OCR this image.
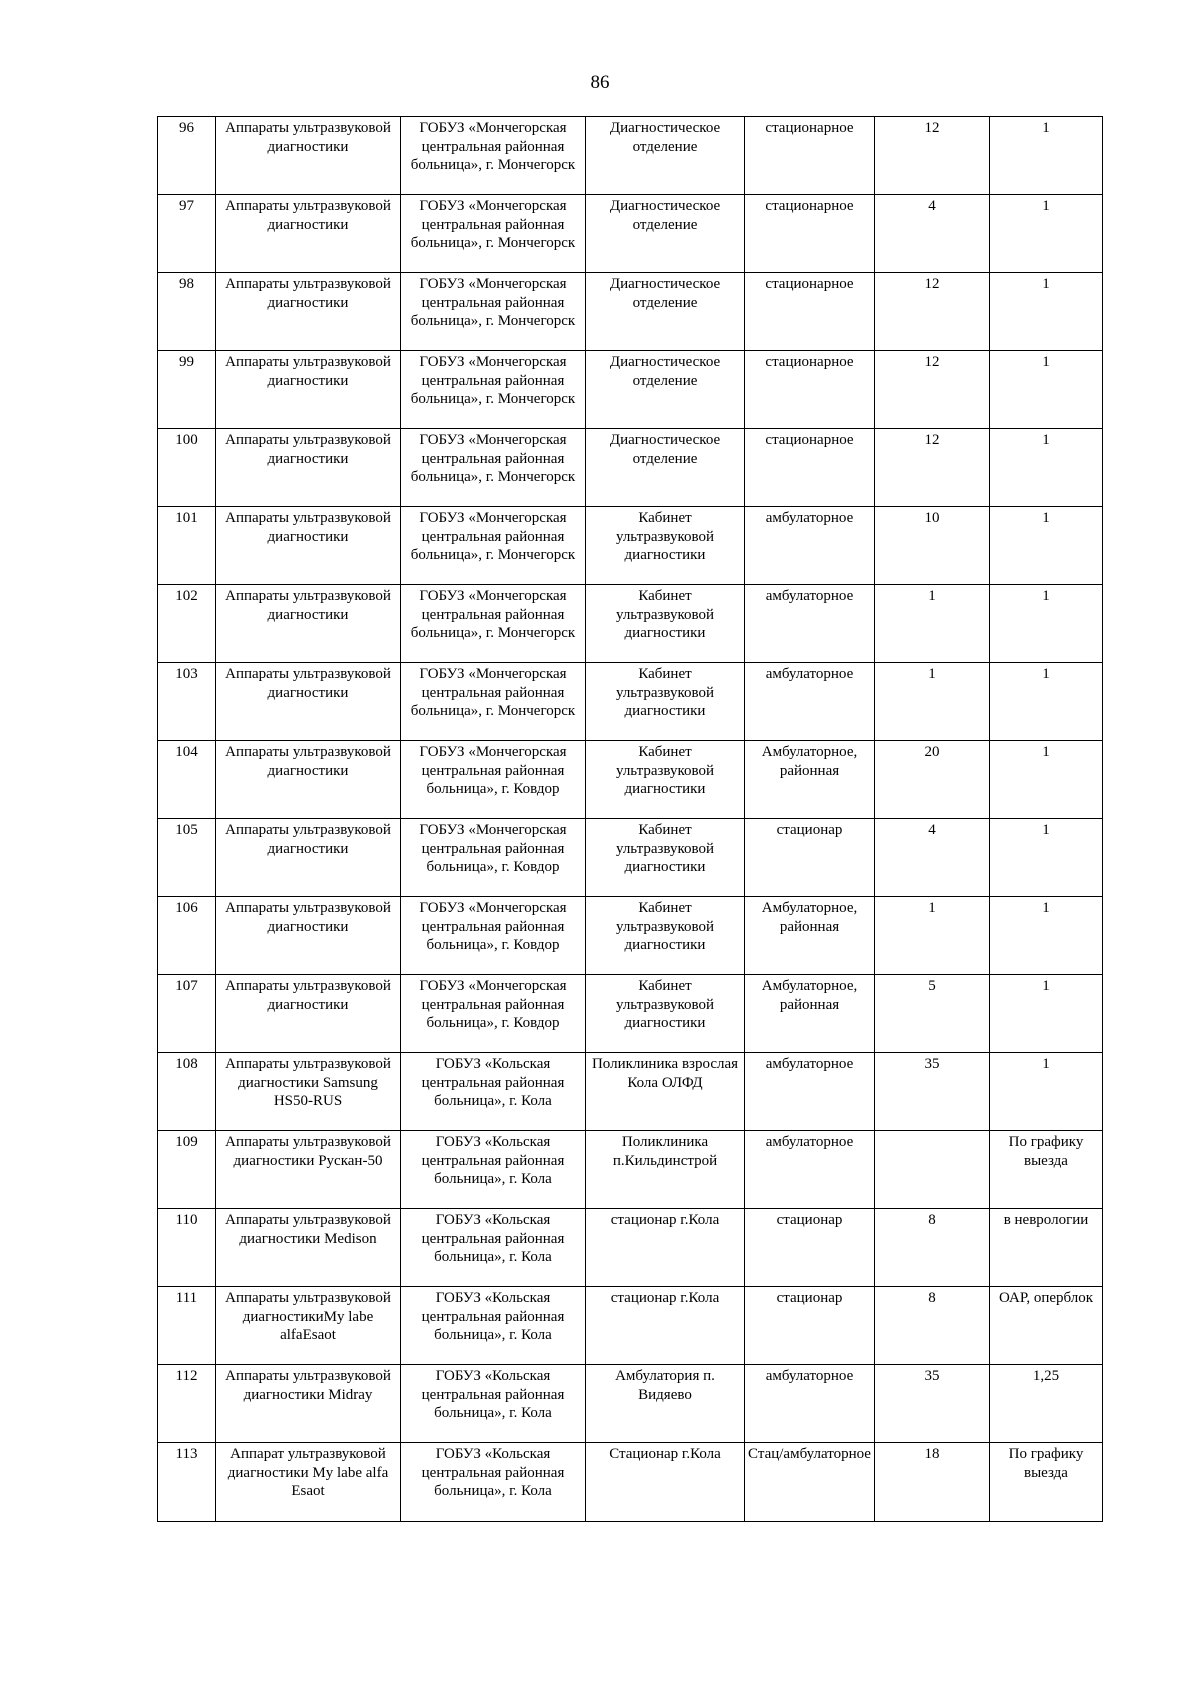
86
96	Аппараты ультразвуковой диагностики	ГОБУЗ «Мончегорская центральная районная больница», г. Мончегорск	Диагностическое отделение	стационарное	12	1
97	Аппараты ультразвуковой диагностики	ГОБУЗ «Мончегорская центральная районная больница», г. Мончегорск	Диагностическое отделение	стационарное	4	1
98	Аппараты ультразвуковой диагностики	ГОБУЗ «Мончегорская центральная районная больница», г. Мончегорск	Диагностическое отделение	стационарное	12	1
99	Аппараты ультразвуковой диагностики	ГОБУЗ «Мончегорская центральная районная больница», г. Мончегорск	Диагностическое отделение	стационарное	12	1
100	Аппараты ультразвуковой диагностики	ГОБУЗ «Мончегорская центральная районная больница», г. Мончегорск	Диагностическое отделение	стационарное	12	1
101	Аппараты ультразвуковой диагностики	ГОБУЗ «Мончегорская центральная районная больница», г. Мончегорск	Кабинет ультразвуковой диагностики	амбулаторное	10	1
102	Аппараты ультразвуковой диагностики	ГОБУЗ «Мончегорская центральная районная больница», г. Мончегорск	Кабинет ультразвуковой диагностики	амбулаторное	1	1
103	Аппараты ультразвуковой диагностики	ГОБУЗ «Мончегорская центральная районная больница», г. Мончегорск	Кабинет ультразвуковой диагностики	амбулаторное	1	1
104	Аппараты ультразвуковой диагностики	ГОБУЗ «Мончегорская центральная районная больница», г. Ковдор	Кабинет ультразвуковой диагностики	Амбулаторное, районная	20	1
105	Аппараты ультразвуковой диагностики	ГОБУЗ «Мончегорская центральная районная больница», г. Ковдор	Кабинет ультразвуковой диагностики	стационар	4	1
106	Аппараты ультразвуковой диагностики	ГОБУЗ «Мончегорская центральная районная больница», г. Ковдор	Кабинет ультразвуковой диагностики	Амбулаторное, районная	1	1
107	Аппараты ультразвуковой диагностики	ГОБУЗ «Мончегорская центральная районная больница», г. Ковдор	Кабинет ультразвуковой диагностики	Амбулаторное, районная	5	1
108	Аппараты ультразвуковой диагностики Samsung HS50-RUS	ГОБУЗ «Кольская центральная районная больница», г. Кола	Поликлиника взрослая Кола ОЛФД	амбулаторное	35	1
109	Аппараты ультразвуковой диагностики Рускан-50	ГОБУЗ «Кольская центральная районная больница», г. Кола	Поликлиника п.Кильдинстрой	амбулаторное		По графику выезда
110	Аппараты ультразвуковой диагностики Medison	ГОБУЗ «Кольская центральная районная больница», г. Кола	стационар г.Кола	стационар	8	в неврологии
111	Аппараты ультразвуковой диагностикиMy labe alfaEsaot	ГОБУЗ «Кольская центральная районная больница», г. Кола	стационар г.Кола	стационар	8	ОАР, оперблок
112	Аппараты ультразвуковой диагностики Midray	ГОБУЗ «Кольская центральная районная больница», г. Кола	Амбулатория п. Видяево	амбулаторное	35	1,25
113	Аппарат ультразвуковой диагностики My labe alfa Esaot	ГОБУЗ «Кольская центральная районная больница», г. Кола	Стационар г.Кола	Стац/амбулаторное	18	По графику выезда
